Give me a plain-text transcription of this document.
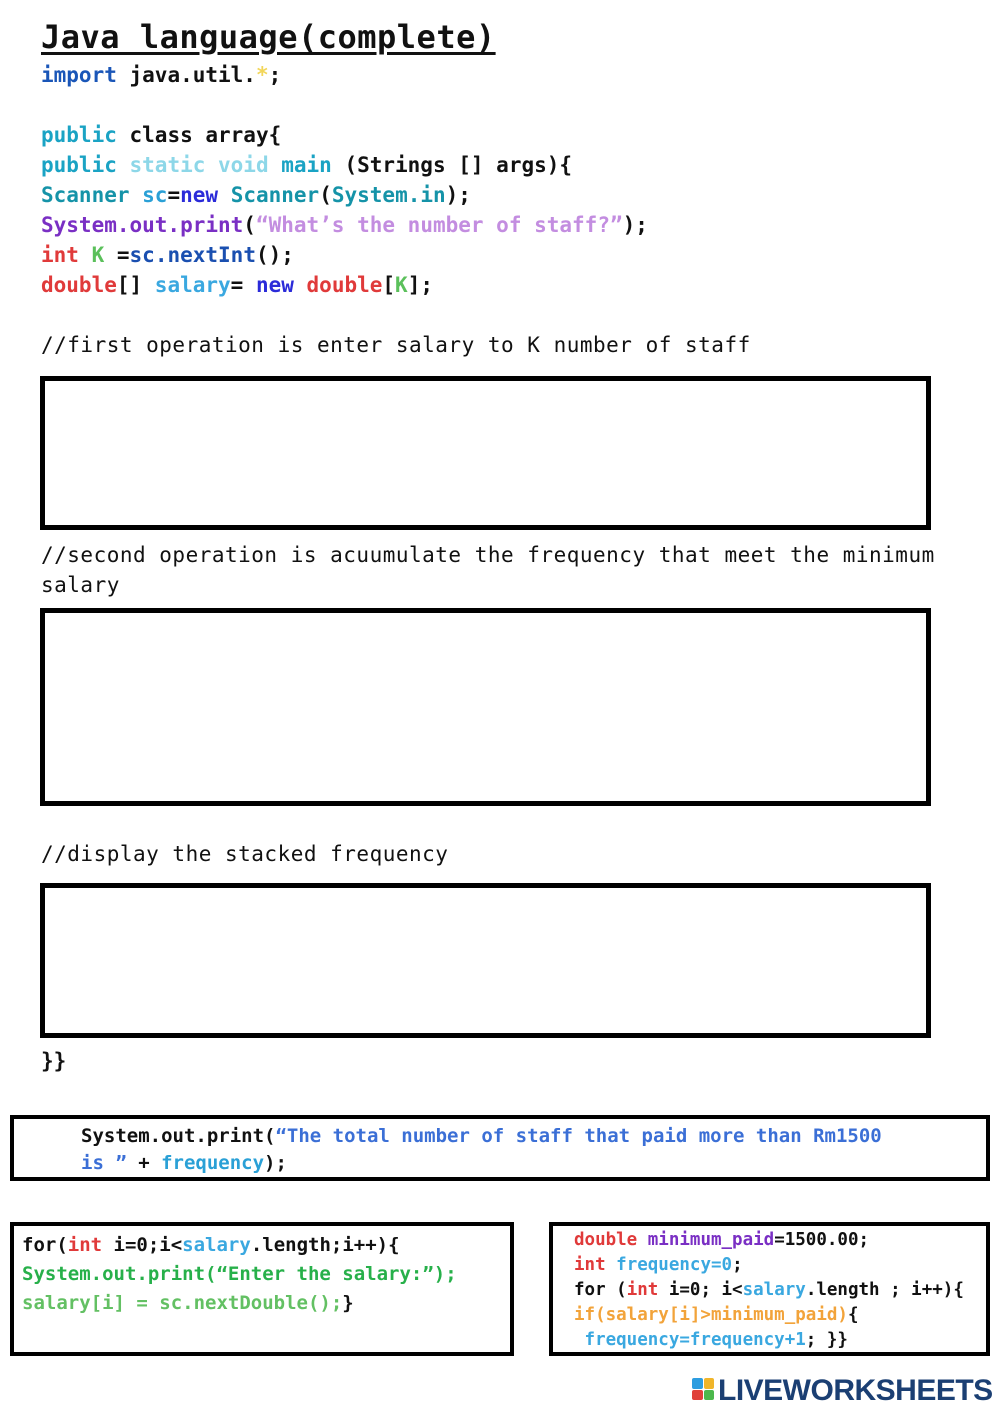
Java language(complete)
import java.util.*;
public class array{
public static void main (Strings [] args){
Scanner sc=new Scanner(System.in);
System.out.print(“What’s the number of staff?”);
int K =sc.nextInt();
double[] salary= new double[K];
//first operation is enter salary to K number of staff
//second operation is acuumulate the frequency that meet the minimum
salary
//display the stacked frequency
}}
System.out.print(“The total number of staff that paid more than Rm1500
is ” + frequency);
for(int i=0;i<salary.length;i++){
System.out.print(“Enter the salary:”);
salary[i] = sc.nextDouble();}
double minimum_paid=1500.00;
int frequency=0;
for (int i=0; i<salary.length ; i++){
if(salary[i]>minimum_paid){
frequency=frequency+1; }}
LIVEWORKSHEETS
